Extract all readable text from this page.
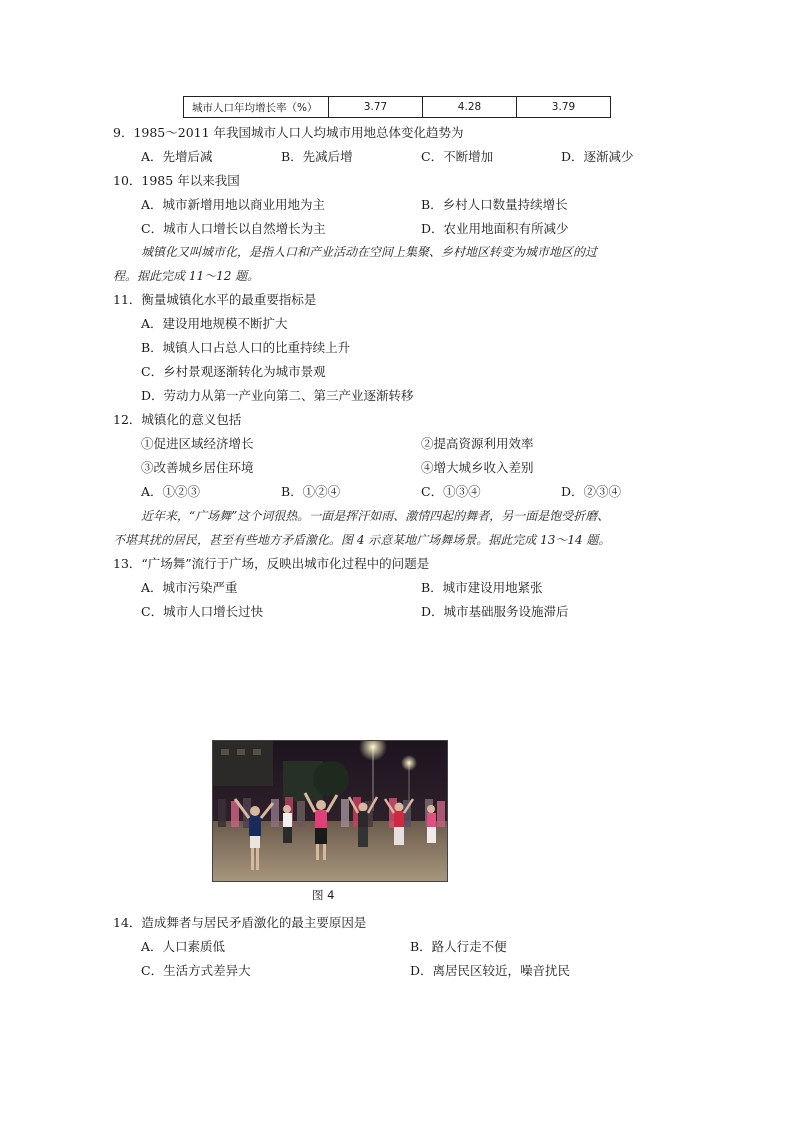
城市人口年均增长率（%）	3.77	4.28	3.79
9．1985～2011 年我国城市人口人均城市用地总体变化趋势为
A．先增后减	B．先减后增	C．不断增加	D．逐渐减少
10．1985 年以来我国
A．城市新增用地以商业用地为主	B．乡村人口数量持续增长
C．城市人口增长以自然增长为主	D．农业用地面积有所减少
城镇化又叫城市化，是指人口和产业活动在空间上集聚、乡村地区转变为城市地区的过
程。据此完成 11～12 题。
11．衡量城镇化水平的最重要指标是
A．建设用地规模不断扩大
B．城镇人口占总人口的比重持续上升
C．乡村景观逐渐转化为城市景观
D．劳动力从第一产业向第二、第三产业逐渐转移
12．城镇化的意义包括
①促进区域经济增长	②提高资源利用效率
③改善城乡居住环境	④增大城乡收入差别
A．①②③	B．①②④	C．①③④	D．②③④
近年来，“广场舞”这个词很热。一面是挥汗如雨、激情四起的舞者，另一面是饱受折磨、
不堪其扰的居民，甚至有些地方矛盾激化。图 4 示意某地广场舞场景。据此完成 13～14 题。
13．“广场舞”流行于广场，反映出城市化过程中的问题是
A．城市污染严重	B．城市建设用地紧张
C．城市人口增长过快	D．城市基础服务设施滞后
图 4
14．造成舞者与居民矛盾激化的最主要原因是
A．人口素质低	B．路人行走不便
C．生活方式差异大	D．离居民区较近，噪音扰民
